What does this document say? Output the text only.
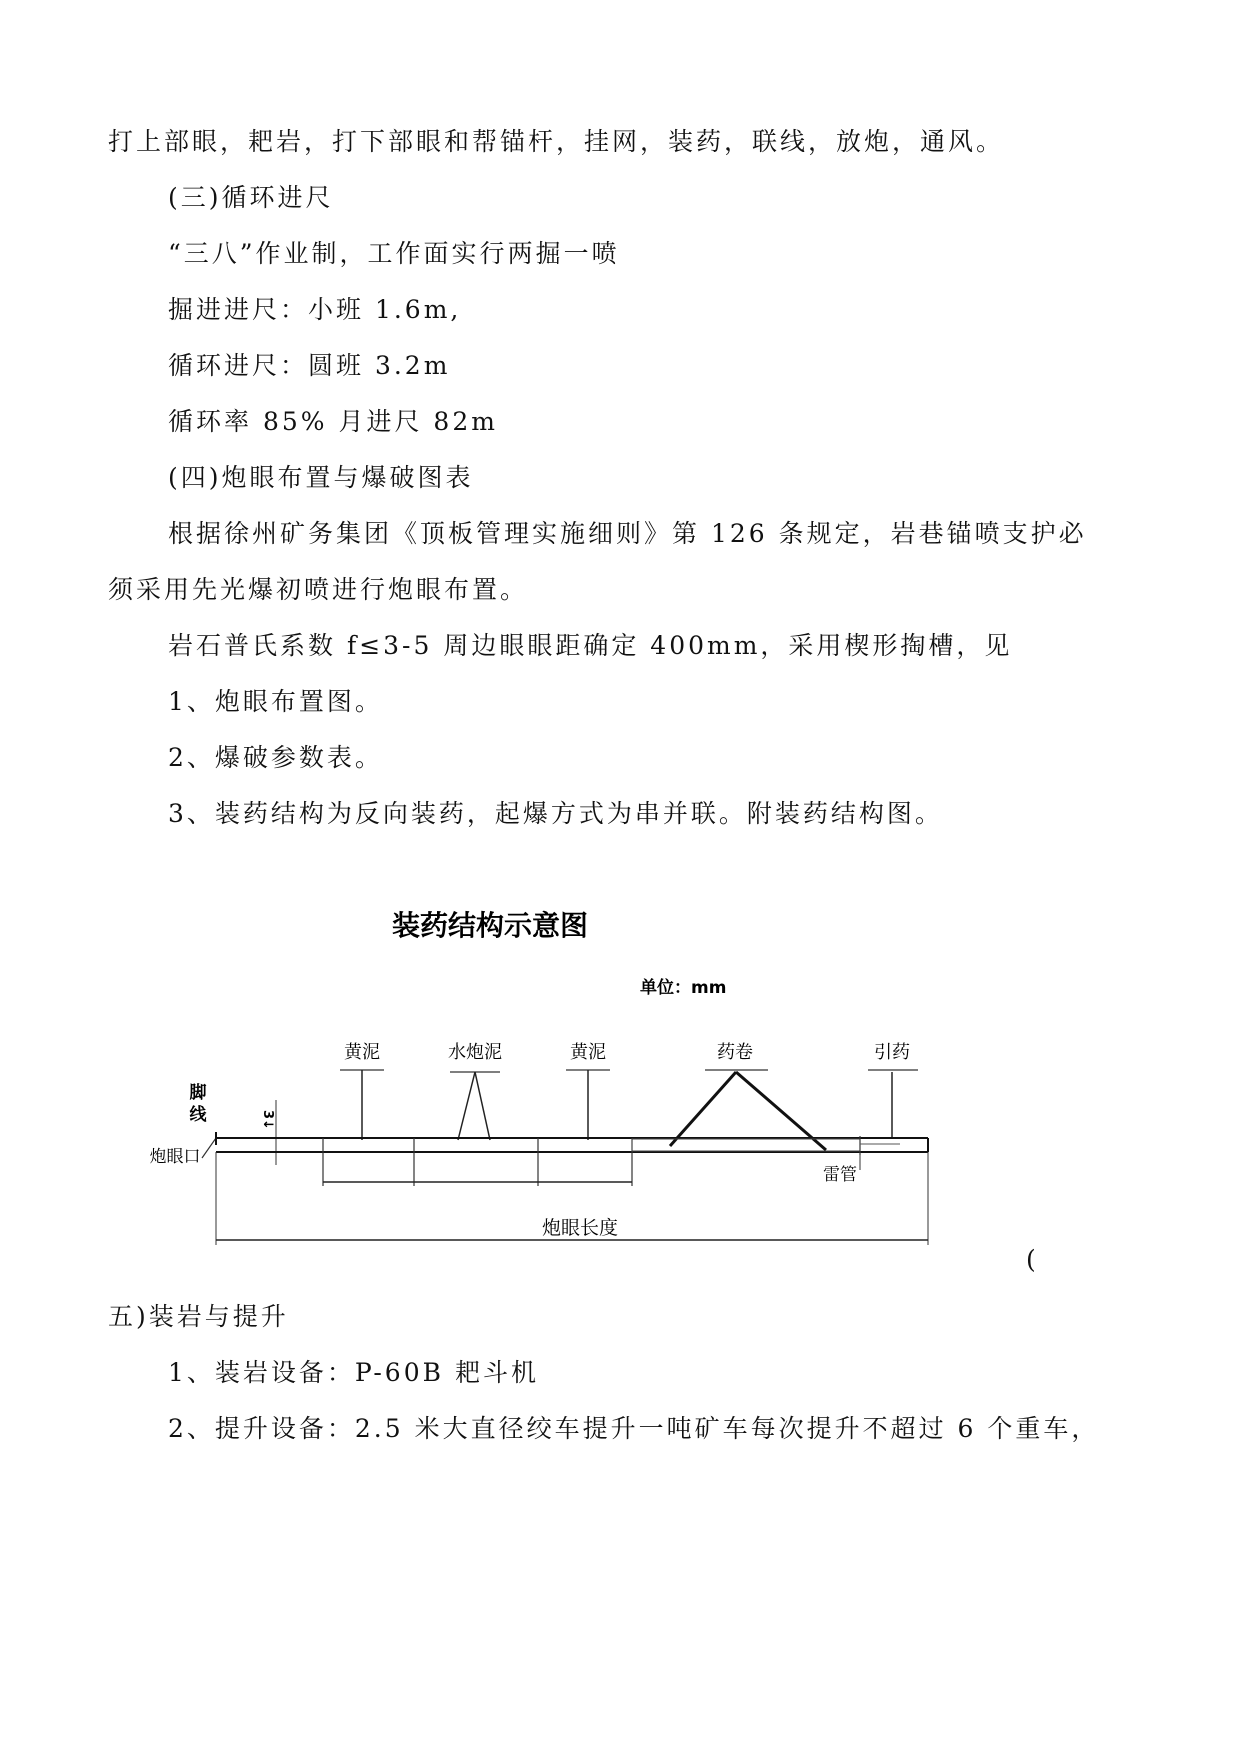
打上部眼，耙岩，打下部眼和帮锚杆，挂网，装药，联线，放炮，通风。
(三)循环进尺
“三八”作业制，工作面实行两掘一喷
掘进进尺：小班 1.6m,
循环进尺：圆班 3.2m
循环率 85% 月进尺 82m
(四)炮眼布置与爆破图表
根据徐州矿务集团《顶板管理实施细则》第 126 条规定，岩巷锚喷支护必
须采用先光爆初喷进行炮眼布置。
岩石普氏系数 f≤3-5 周边眼眼距确定 400mm，采用楔形掏槽，见
1、炮眼布置图。
2、爆破参数表。
3、装药结构为反向装药，起爆方式为串并联。附装药结构图。
装药结构示意图
单位：mm
黄泥	水炮泥	黄泥	药卷	引药
脚线
炮眼口
3↓
雷管
炮眼长度
(
五)装岩与提升
1、装岩设备：P-60B 耙斗机
2、提升设备：2.5 米大直径绞车提升一吨矿车每次提升不超过 6 个重车，
